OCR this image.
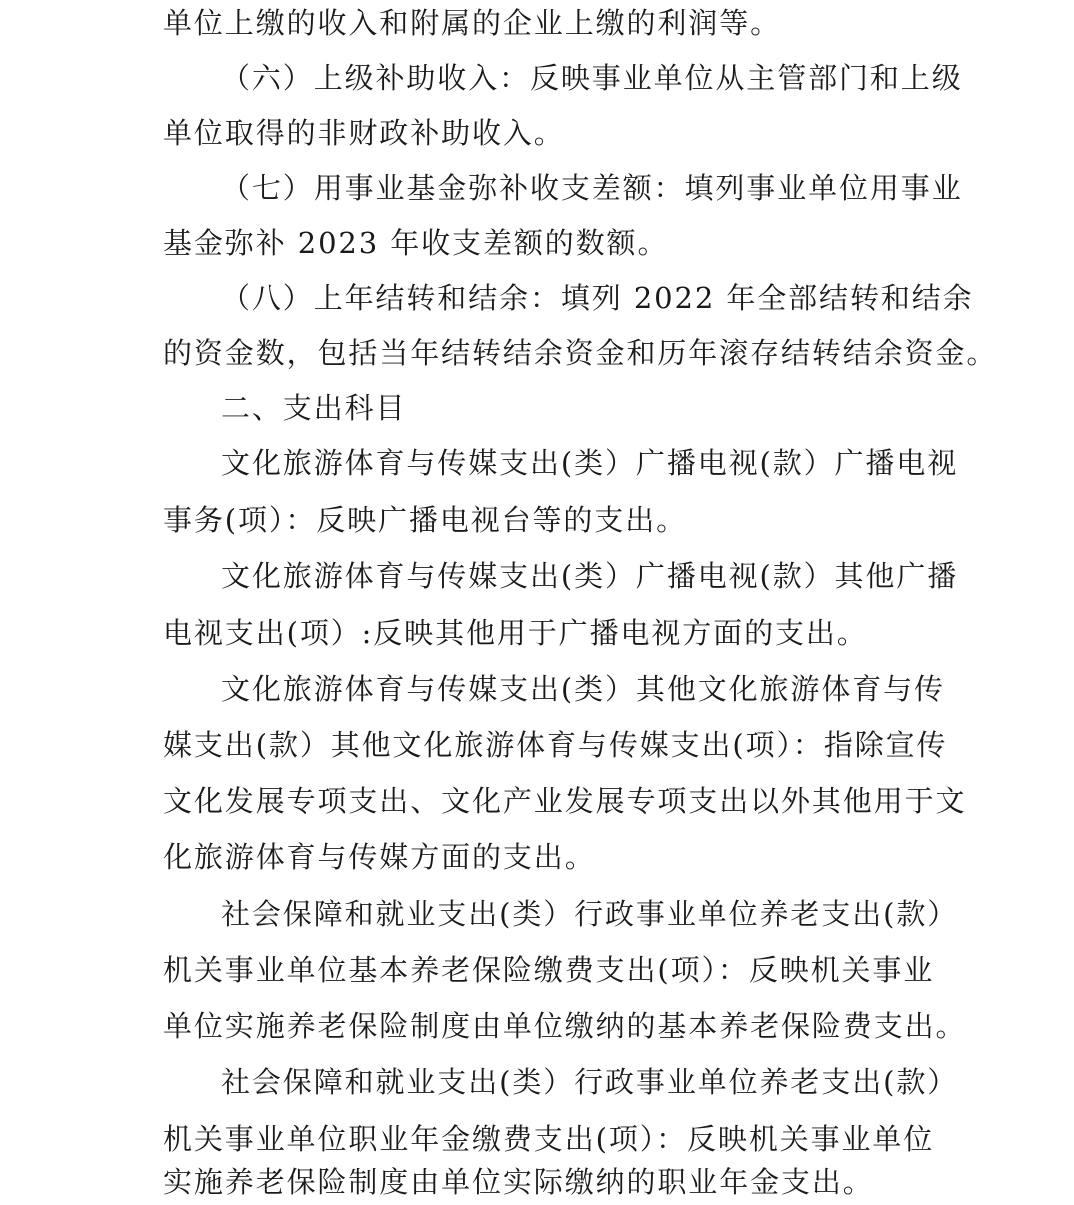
单位上缴的收入和附属的企业上缴的利润等。

（六）上级补助收入：反映事业单位从主管部门和上级

单位取得的非财政补助收入。

（七）用事业基金弥补收支差额：填列事业单位用事业

基金弥补 2023 年收支差额的数额。

（八）上年结转和结余：填列 2022 年全部结转和结余

的资金数，包括当年结转结余资金和历年滚存结转结余资金。

二、支出科目

文化旅游体育与传媒支出(类）广播电视(款）广播电视

事务(项）：反映广播电视台等的支出。

文化旅游体育与传媒支出(类）广播电视(款）其他广播

电视支出(项）:反映其他用于广播电视方面的支出。

文化旅游体育与传媒支出(类）其他文化旅游体育与传

媒支出(款）其他文化旅游体育与传媒支出(项）：指除宣传

文化发展专项支出、文化产业发展专项支出以外其他用于文

化旅游体育与传媒方面的支出。

社会保障和就业支出(类）行政事业单位养老支出(款）

机关事业单位基本养老保险缴费支出(项）：反映机关事业

单位实施养老保险制度由单位缴纳的基本养老保险费支出。

社会保障和就业支出(类）行政事业单位养老支出(款）

机关事业单位职业年金缴费支出(项）：反映机关事业单位

实施养老保险制度由单位实际缴纳的职业年金支出。
